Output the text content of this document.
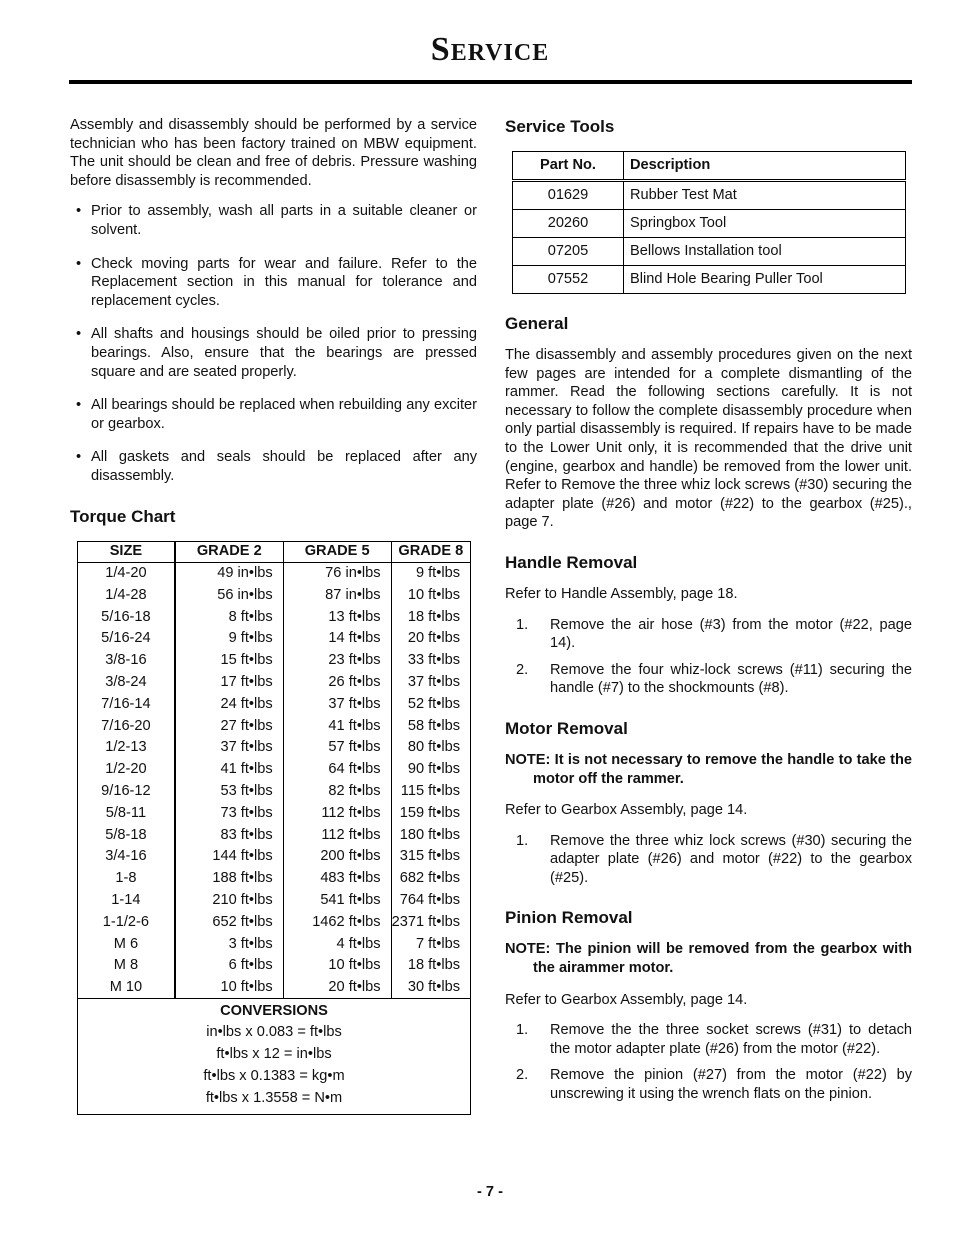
Service

Assembly and disassembly should be performed by a service technician who has been factory trained on MBW equipment. The unit should be clean and free of debris. Pressure washing before disassembly is recommended.

• Prior to assembly, wash all parts in a suitable cleaner or solvent.
• Check moving parts for wear and failure. Refer to the Replacement section in this manual for tolerance and replacement cycles.
• All shafts and housings should be oiled prior to pressing bearings. Also, ensure that the bearings are pressed square and are seated properly.
• All bearings should be replaced when rebuilding any exciter or gearbox.
• All gaskets and seals should be replaced after any disassembly.
Torque Chart
SIZE	GRADE 2	GRADE 5	GRADE 8
1/4-20	49 in•lbs	76 in•lbs	9 ft•lbs
1/4-28	56 in•lbs	87 in•lbs	10 ft•lbs
5/16-18	8 ft•lbs	13 ft•lbs	18 ft•lbs
5/16-24	9 ft•lbs	14 ft•lbs	20 ft•lbs
3/8-16	15 ft•lbs	23 ft•lbs	33 ft•lbs
3/8-24	17 ft•lbs	26 ft•lbs	37 ft•lbs
7/16-14	24 ft•lbs	37 ft•lbs	52 ft•lbs
7/16-20	27 ft•lbs	41 ft•lbs	58 ft•lbs
1/2-13	37 ft•lbs	57 ft•lbs	80 ft•lbs
1/2-20	41 ft•lbs	64 ft•lbs	90 ft•lbs
9/16-12	53 ft•lbs	82 ft•lbs	115 ft•lbs
5/8-11	73 ft•lbs	112 ft•lbs	159 ft•lbs
5/8-18	83 ft•lbs	112 ft•lbs	180 ft•lbs
3/4-16	144 ft•lbs	200 ft•lbs	315 ft•lbs
1-8	188 ft•lbs	483 ft•lbs	682 ft•lbs
1-14	210 ft•lbs	541 ft•lbs	764 ft•lbs
1-1/2-6	652 ft•lbs	1462 ft•lbs	2371 ft•lbs
M 6	3 ft•lbs	4 ft•lbs	7 ft•lbs
M 8	6 ft•lbs	10 ft•lbs	18 ft•lbs
M 10	10 ft•lbs	20 ft•lbs	30 ft•lbs

CONVERSIONS
in•lbs x 0.083 = ft•lbs
ft•lbs x 12 = in•lbs
ft•lbs x 0.1383 = kg•m
ft•lbs x 1.3558 = N•m			
Service Tools
Part No.	Description
01629	Rubber Test Mat
20260	Springbox Tool
07205	Bellows Installation tool
07552	Blind Hole Bearing Puller Tool
General

The disassembly and assembly procedures given on the next few pages are intended for a complete dismantling of the rammer. Read the following sections carefully. It is not necessary to follow the complete disassembly procedure when only partial disassembly is required. If repairs have to be made to the Lower Unit only, it is recommended that the drive unit (engine, gearbox and handle) be removed from the lower unit. Refer to Remove the three whiz lock screws (#30) securing the adapter plate (#26) and motor (#22) to the gearbox (#25)., page 7.

Handle Removal

Refer to Handle Assembly, page 18.

1. Remove the air hose (#3) from the motor (#22, page 14).
2. Remove the four whiz-lock screws (#11) securing the handle (#7) to the shockmounts (#8).
Motor Removal

NOTE: It is not necessary to remove the handle to take the motor off the rammer.

Refer to Gearbox Assembly, page 14.

1. Remove the three whiz lock screws (#30) securing the adapter plate (#26) and motor (#22) to the gearbox (#25).
Pinion Removal

NOTE: The pinion will be removed from the gearbox with the airammer motor.

Refer to Gearbox Assembly, page 14.

1. Remove the the three socket screws (#31) to detach the motor adapter plate (#26) from the motor (#22).
2. Remove the pinion (#27) from the motor (#22) by unscrewing it using the wrench flats on the pinion.
- 7 -
